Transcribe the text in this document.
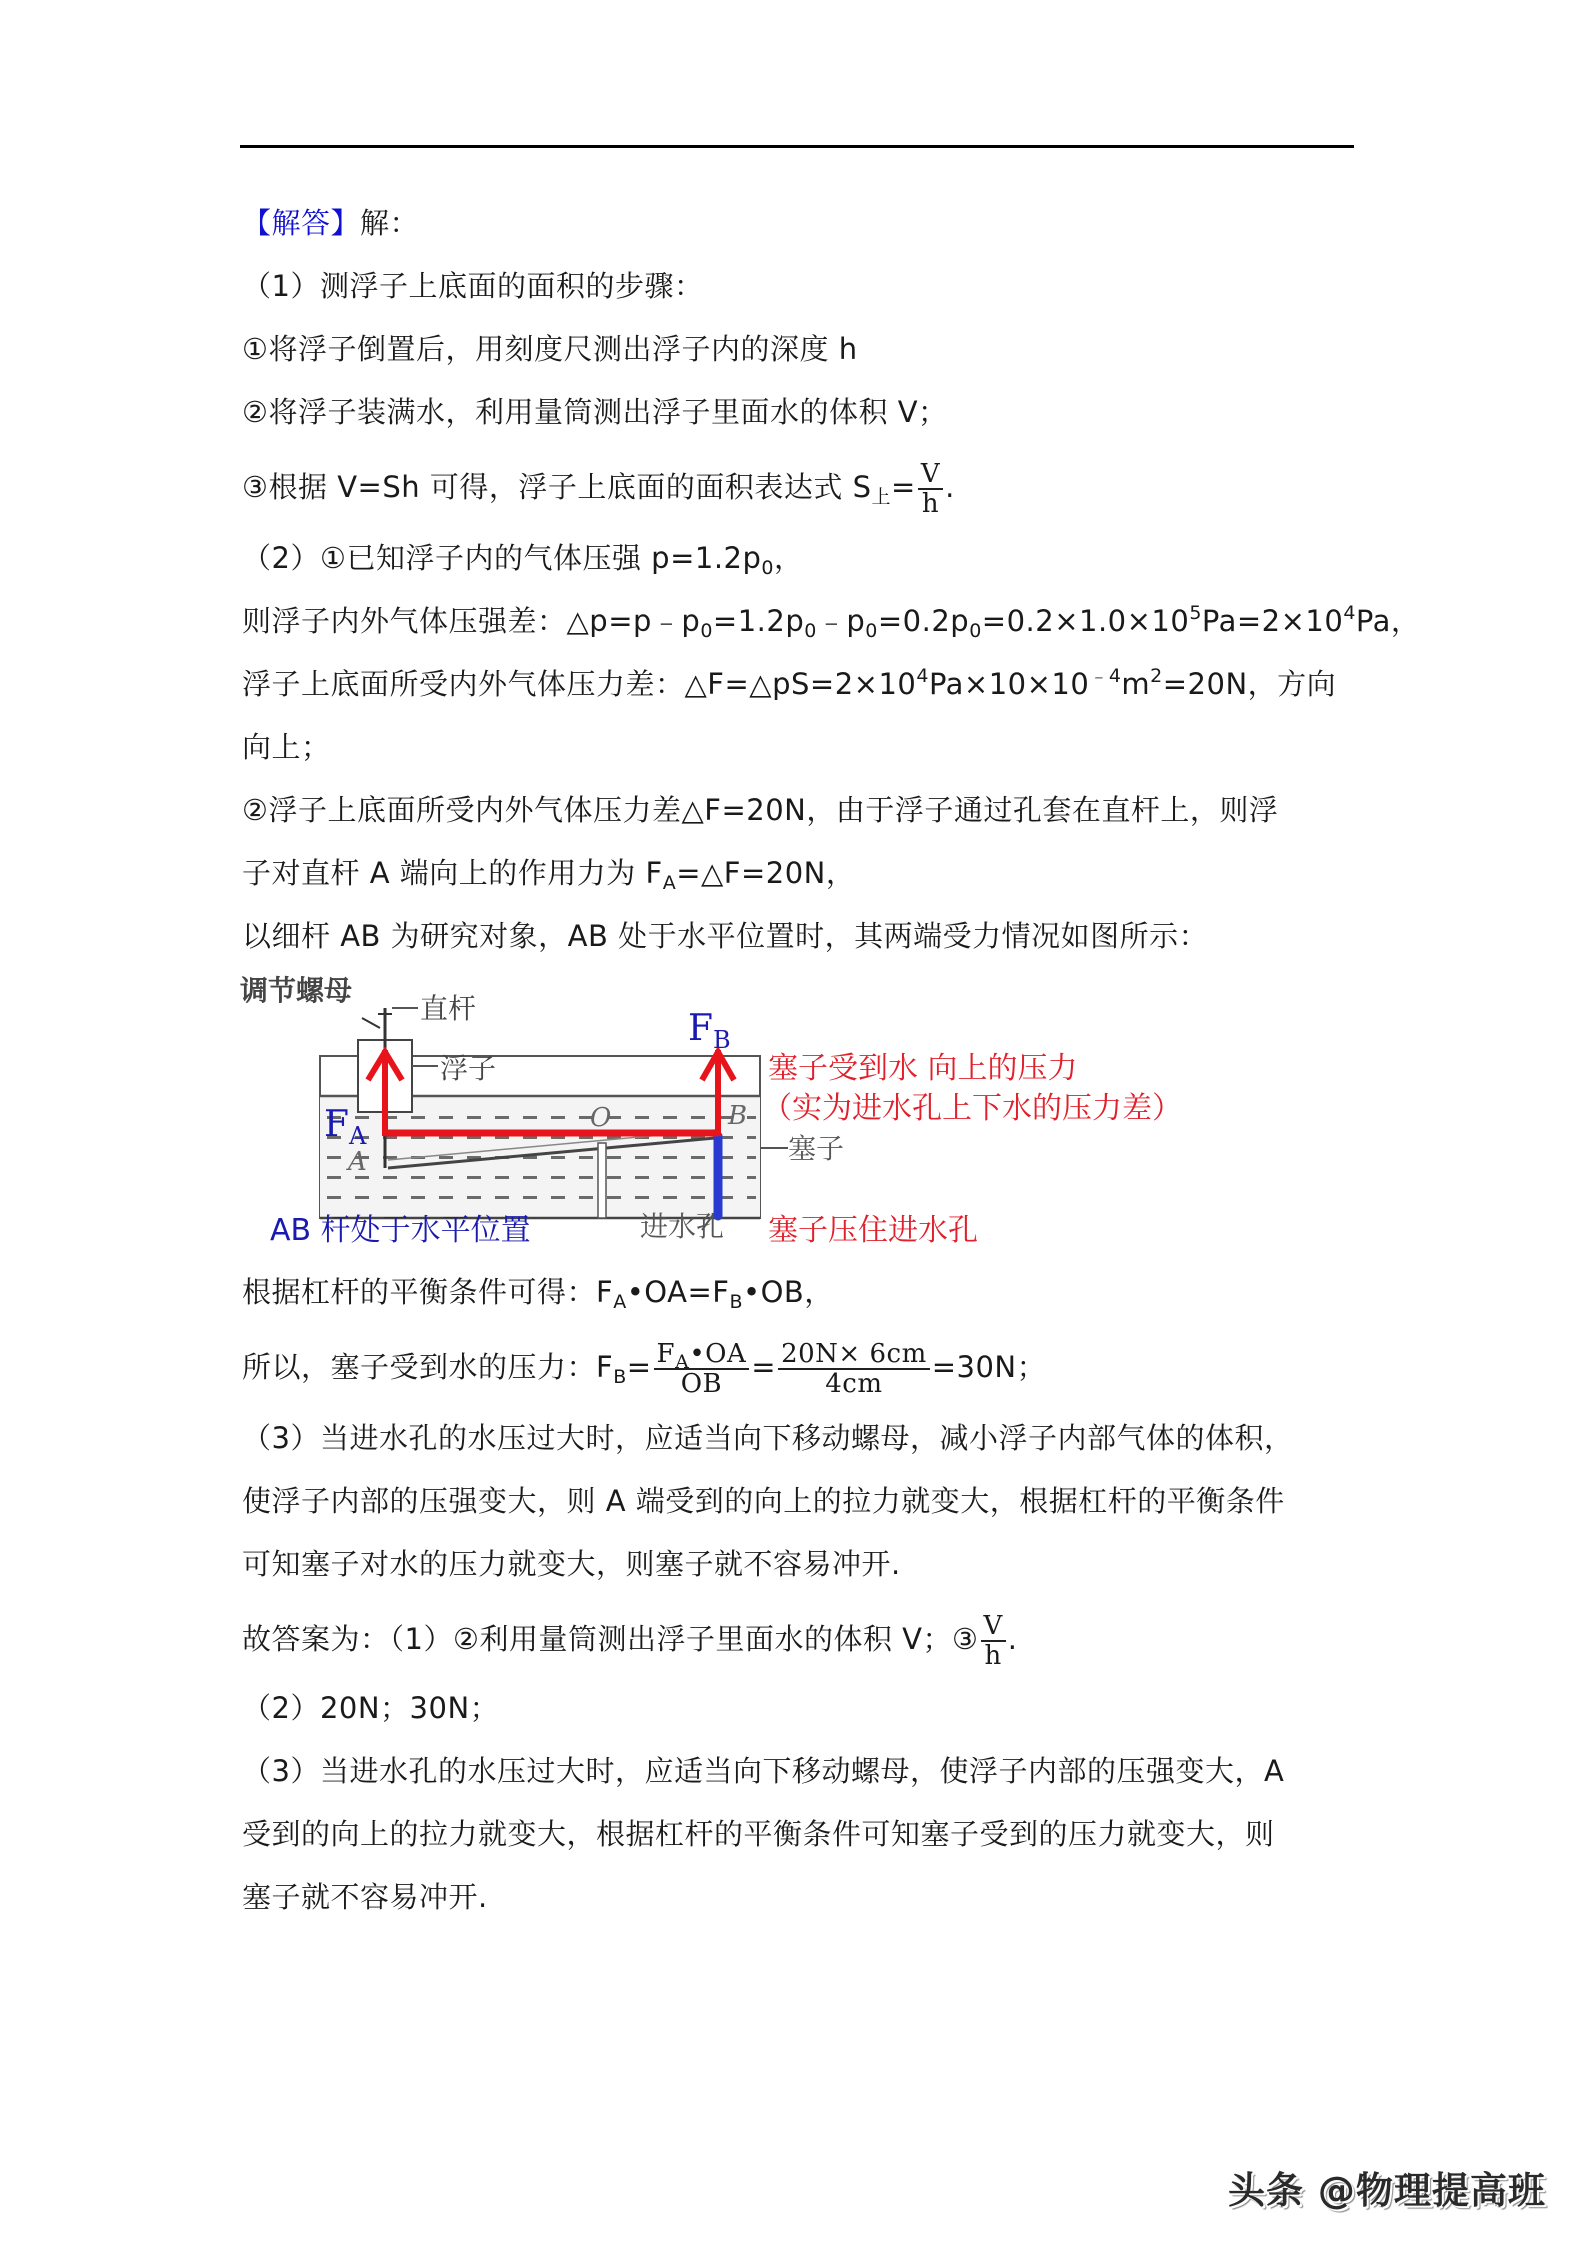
【解答】解：
（1）测浮子上底面的面积的步骤：
①将浮子倒置后，用刻度尺测出浮子内的深度 h
②将浮子装满水，利用量筒测出浮子里面水的体积 V；
③根据 V=Sh 可得，浮子上底面的面积表达式 $S_上= \frac{V}{h}$ .
（2）①已知浮子内的气体压强 $p=1.2p_0$，
则浮子内外气体压强差：$\triangle p=p﹣p_0=1.2p_0﹣p_0=0.2p_0=0.2\times 1.0\times 10^5Pa=2\times 10^4Pa$，
浮子上底面所受内外气体压力差：$\triangle F=\triangle pS=2\times 10^4Pa\times 10\times 10^{﹣4}m^2=20N$，方向
向上；
②浮子上底面所受内外气体压力差△F=20N，由于浮子通过孔套在直杆上，则浮
子对直杆 A 端向上的作用力为 $F_A=\triangle F=20N$，
以细杆 AB 为研究对象，AB 处于水平位置时，其两端受力情况如图所示：
调节螺母
直杆
浮子
$F_A$
$F_B$
A
O	B
塞子
进水孔
AB 杆处于水平位置
塞子受到水 向上的压力
（实为进水孔上下水的压力差）
塞子压住进水孔
根据杠杆的平衡条件可得：$F_A•OA=F_B•OB$，
所以，塞子受到水的压力：$F_B= \frac{F_A•OA}{OB} = \frac{20N\times 6cm}{4cm} =30N$；
（3）当进水孔的水压过大时，应适当向下移动螺母，减小浮子内部气体的体积，
使浮子内部的压强变大，则 A 端受到的向上的拉力就变大，根据杠杆的平衡条件
可知塞子对水的压力就变大，则塞子就不容易冲开.
故答案为：（1）②利用量筒测出浮子里面水的体积 V；③ $\frac{V}{h}$ .
（2）20N；30N；
（3）当进水孔的水压过大时，应适当向下移动螺母，使浮子内部的压强变大，A
受到的向上的拉力就变大，根据杠杆的平衡条件可知塞子受到的压力就变大，则
塞子就不容易冲开.
头条 @物理提高班
